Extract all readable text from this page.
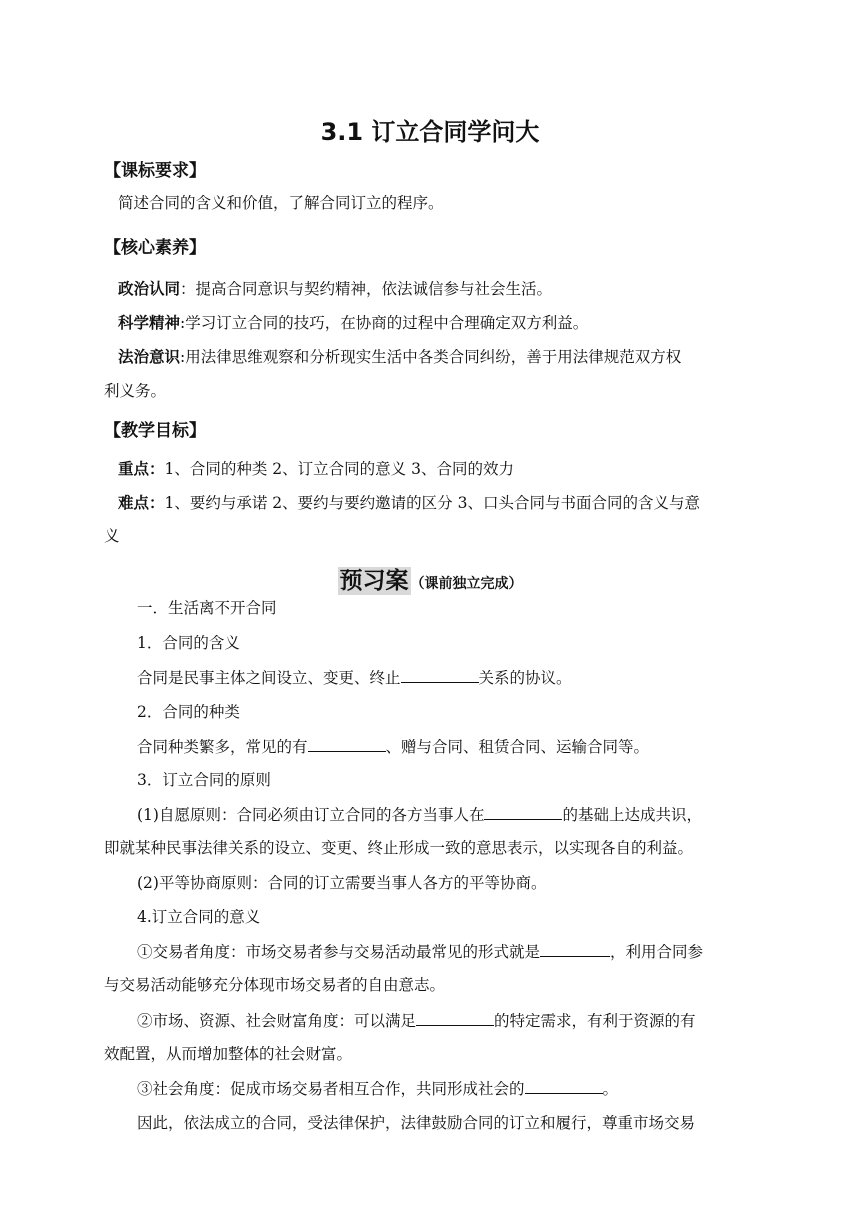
3.1 订立合同学问大
【课标要求】
简述合同的含义和价值，了解合同订立的程序。
【核心素养】
政治认同：提高合同意识与契约精神，依法诚信参与社会生活。
科学精神:学习订立合同的技巧，在协商的过程中合理确定双方利益。
法治意识:用法律思维观察和分析现实生活中各类合同纠纷，善于用法律规范双方权
利义务。
【教学目标】
重点：1、合同的种类 2、订立合同的意义 3、合同的效力
难点：1、要约与承诺 2、要约与要约邀请的区分 3、口头合同与书面合同的含义与意
义
预习案 （课前独立完成）
一．生活离不开合同
1．合同的含义
合同是民事主体之间设立、变更、终止	关系的协议。
2．合同的种类
合同种类繁多，常见的有	、赠与合同、租赁合同、运输合同等。
3．订立合同的原则
(1)自愿原则：合同必须由订立合同的各方当事人在	的基础上达成共识，
即就某种民事法律关系的设立、变更、终止形成一致的意思表示，以实现各自的利益。
(2)平等协商原则：合同的订立需要当事人各方的平等协商。
4.订立合同的意义
①交易者角度：市场交易者参与交易活动最常见的形式就是	，利用合同参
与交易活动能够充分体现市场交易者的自由意志。
②市场、资源、社会财富角度：可以满足	的特定需求，有利于资源的有
效配置，从而增加整体的社会财富。
③社会角度：促成市场交易者相互合作，共同形成社会的	。
因此，依法成立的合同，受法律保护，法律鼓励合同的订立和履行，尊重市场交易
